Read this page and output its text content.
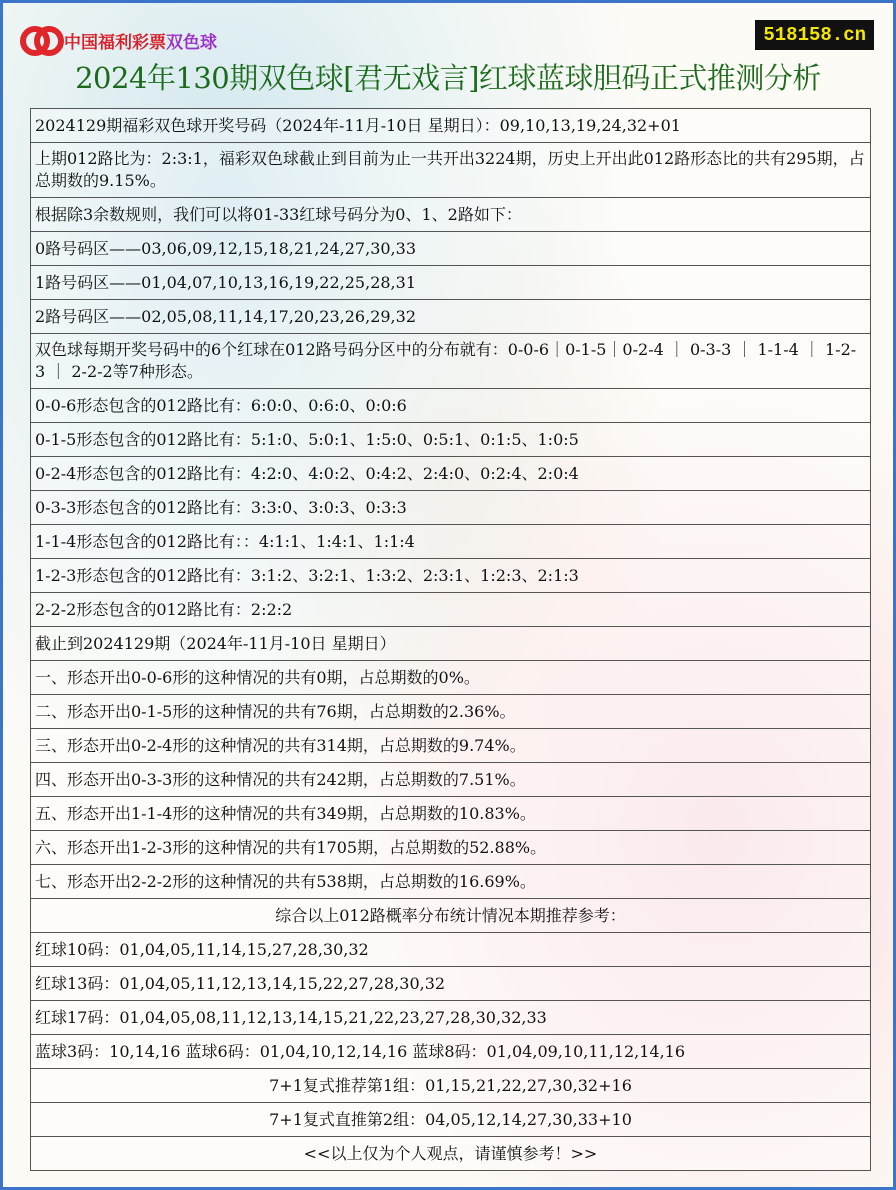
中国福利彩票双色球	518158.cn
2024年130期双色球[君无戏言]红球蓝球胆码正式推测分析
2024129期福彩双色球开奖号码（2024年-11月-10日 星期日）：09,10,13,19,24,32+01
上期012路比为：2:3:1，福彩双色球截止到目前为止一共开出3224期，历史上开出此012路形态比的共有295期，占总期数的9.15%。
根据除3余数规则，我们可以将01-33红球号码分为0、1、2路如下：
0路号码区——03,06,09,12,15,18,21,24,27,30,33
1路号码区——01,04,07,10,13,16,19,22,25,28,31
2路号码区——02,05,08,11,14,17,20,23,26,29,32
双色球每期开奖号码中的6个红球在012路号码分区中的分布就有：0-0-6｜0-1-5｜0-2-4 ｜ 0-3-3 ｜ 1-1-4 ｜ 1-2-3 ｜ 2-2-2等7种形态。
0-0-6形态包含的012路比有：6:0:0、0:6:0、0:0:6
0-1-5形态包含的012路比有：5:1:0、5:0:1、1:5:0、0:5:1、0:1:5、1:0:5
0-2-4形态包含的012路比有：4:2:0、4:0:2、0:4:2、2:4:0、0:2:4、2:0:4
0-3-3形态包含的012路比有：3:3:0、3:0:3、0:3:3
1-1-4形态包含的012路比有：：4:1:1、1:4:1、1:1:4
1-2-3形态包含的012路比有：3:1:2、3:2:1、1:3:2、2:3:1、1:2:3、2:1:3
2-2-2形态包含的012路比有：2:2:2
截止到2024129期（2024年-11月-10日 星期日）
一、形态开出0-0-6形的这种情况的共有0期，占总期数的0%。
二、形态开出0-1-5形的这种情况的共有76期，占总期数的2.36%。
三、形态开出0-2-4形的这种情况的共有314期，占总期数的9.74%。
四、形态开出0-3-3形的这种情况的共有242期，占总期数的7.51%。
五、形态开出1-1-4形的这种情况的共有349期，占总期数的10.83%。
六、形态开出1-2-3形的这种情况的共有1705期，占总期数的52.88%。
七、形态开出2-2-2形的这种情况的共有538期，占总期数的16.69%。
综合以上012路概率分布统计情况本期推荐参考：
红球10码：01,04,05,11,14,15,27,28,30,32
红球13码：01,04,05,11,12,13,14,15,22,27,28,30,32
红球17码：01,04,05,08,11,12,13,14,15,21,22,23,27,28,30,32,33
蓝球3码：10,14,16 蓝球6码：01,04,10,12,14,16 蓝球8码：01,04,09,10,11,12,14,16
7+1复式推荐第1组：01,15,21,22,27,30,32+16
7+1复式直推第2组：04,05,12,14,27,30,33+10
<<以上仅为个人观点，请谨慎参考！>>
